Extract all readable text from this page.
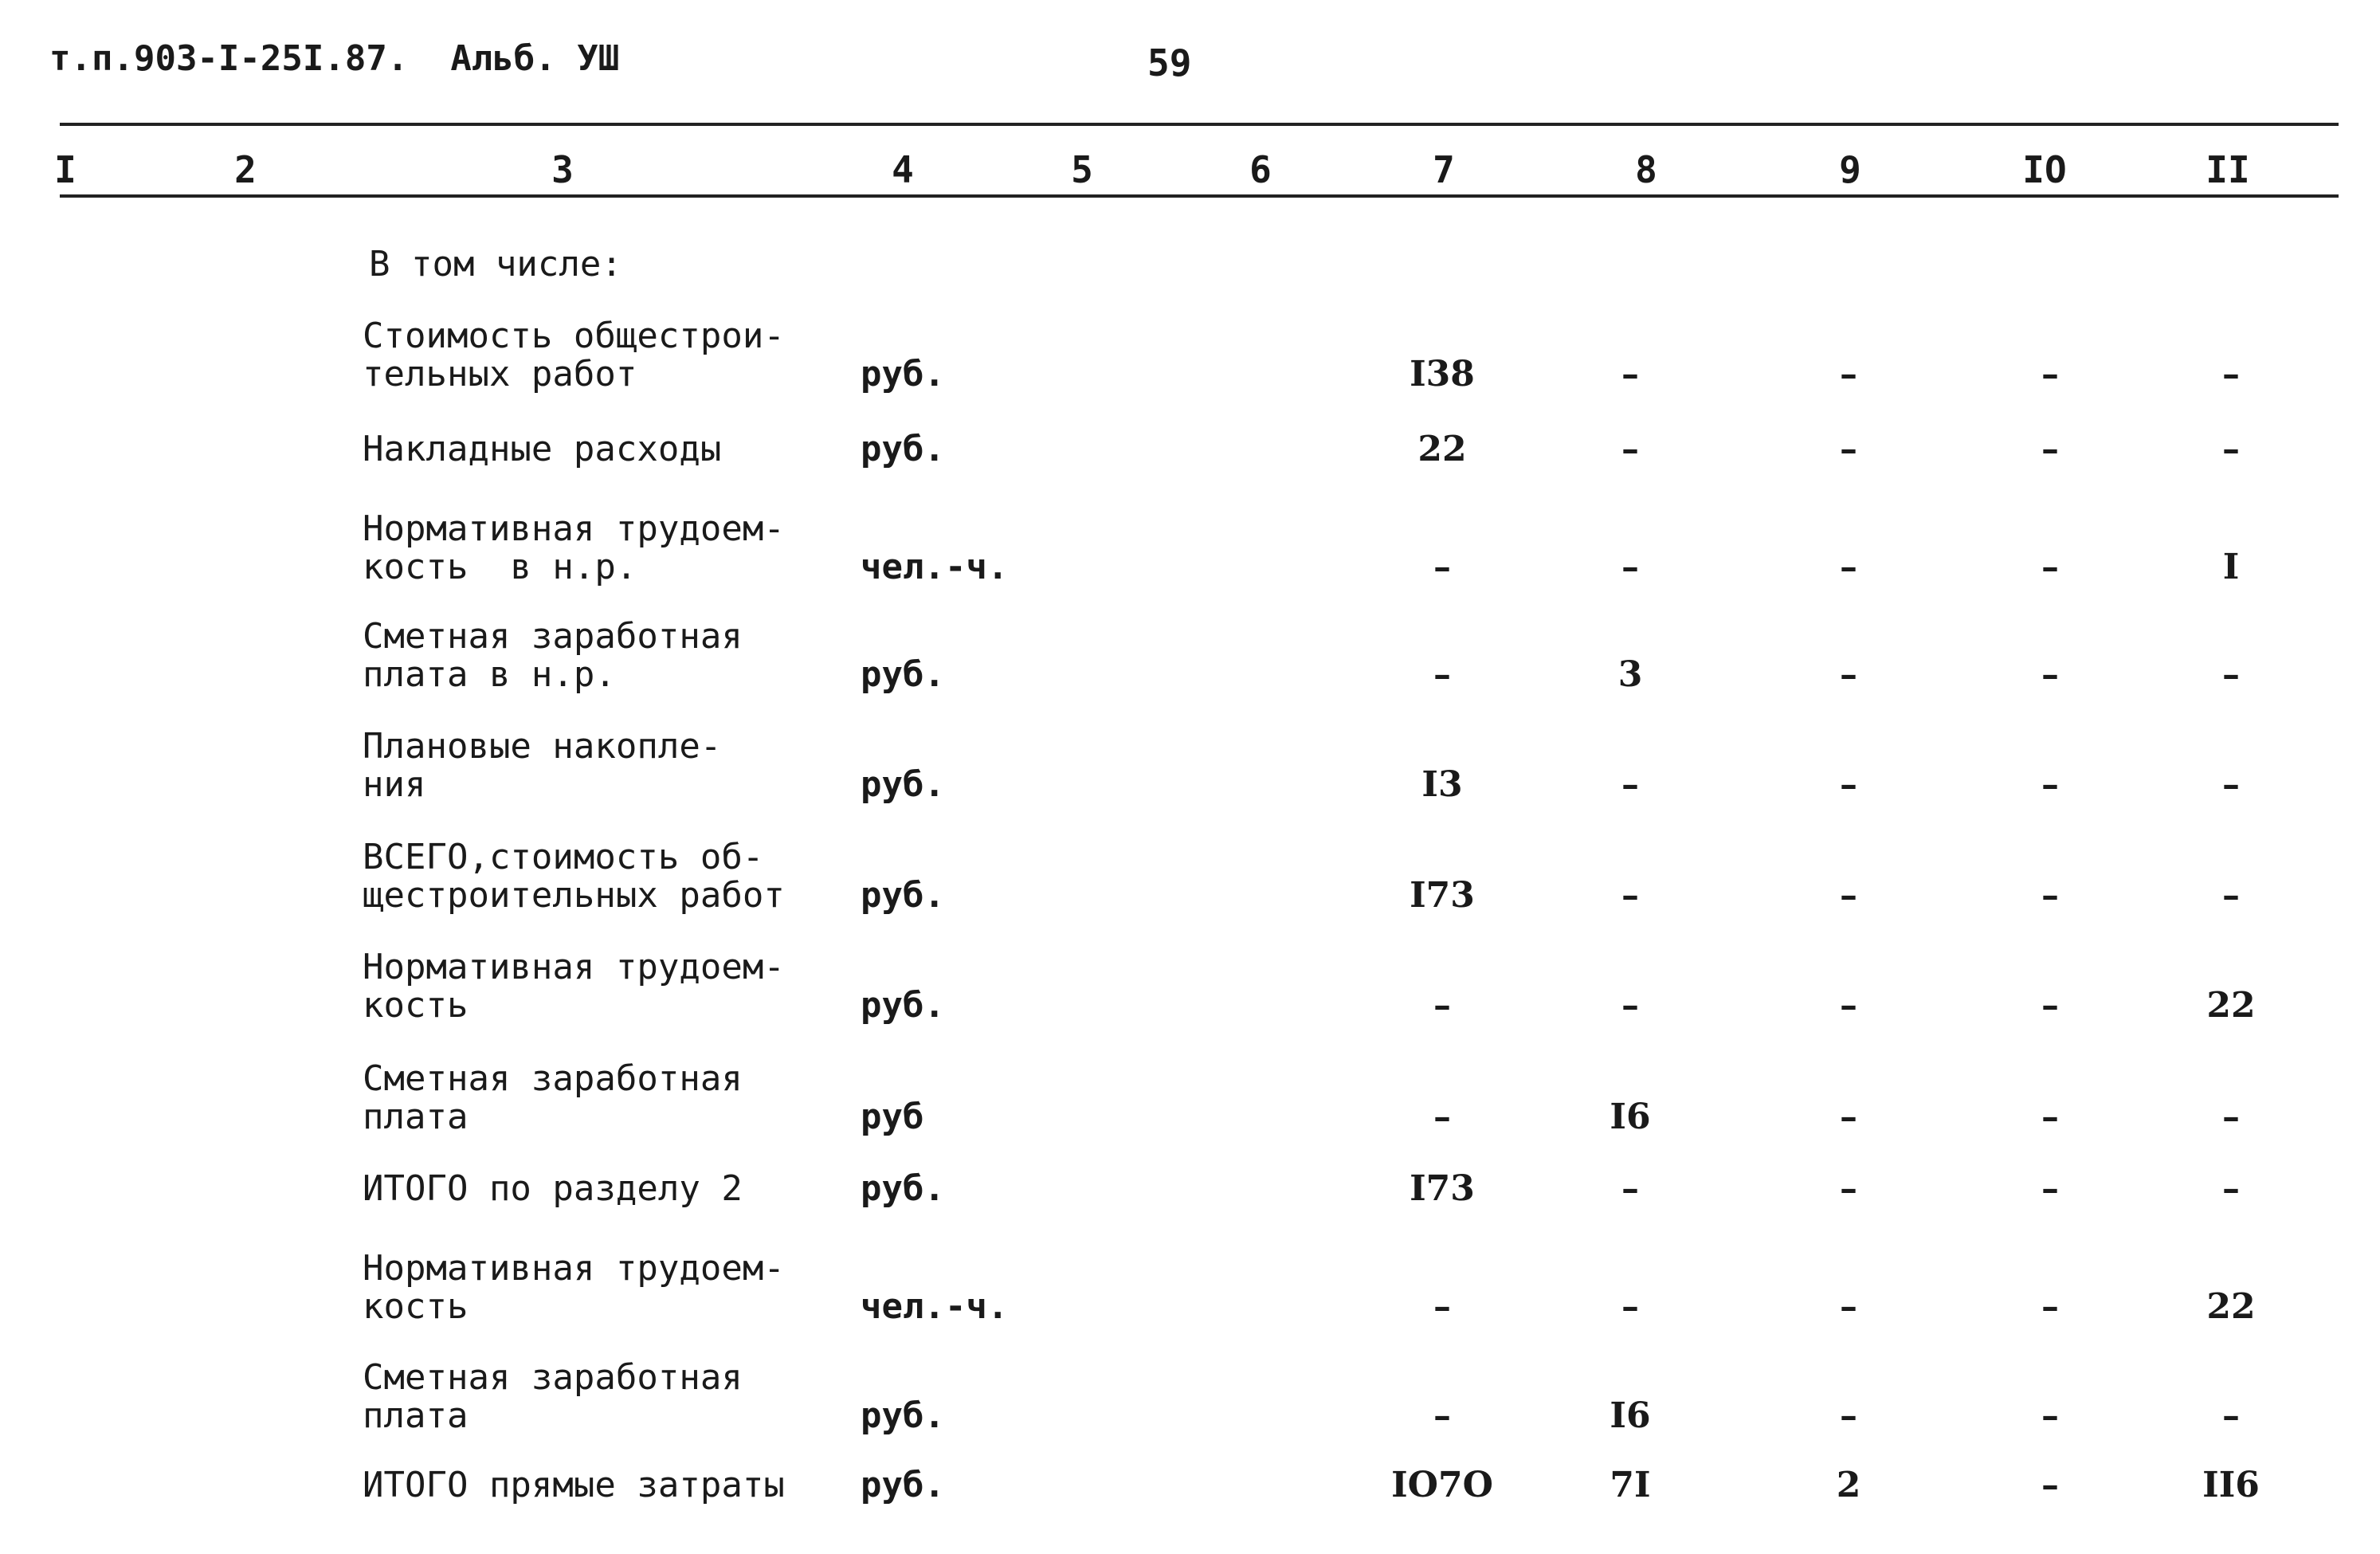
т.п.903-I-25I.87.  Альб. УШ	59
I	2	3	4	5	6	7	8	9	IO	II
В том числе:
Стоимость общестрои-
тельных работ	руб.	I38	–	–	–	–
Накладные расходы	руб.	22	–	–	–	–
Нормативная трудоем-
кость  в н.р.	чел.-ч.	–	–	–	–	I
Сметная заработная
плата в н.р.	руб.	–	3	–	–	–
Плановые накопле-
ния	руб.	I3	–	–	–	–
ВСЕГО,стоимость об-
щестроительных работ руб.	I73	–	–	–	–
Нормативная трудоем-
кость	руб.	–	–	–	–	22
Сметная заработная
плата	руб	–	I6	–	–	–
ИТОГО по разделу 2	руб.	I73	–	–	–	–
Нормативная трудоем-
кость	чел.-ч.	–	–	–	–	22
Сметная заработная
плата	руб.	–	I6	–	–	–
ИТОГО прямые затраты руб.	IO7O	7I	2	–	II6
